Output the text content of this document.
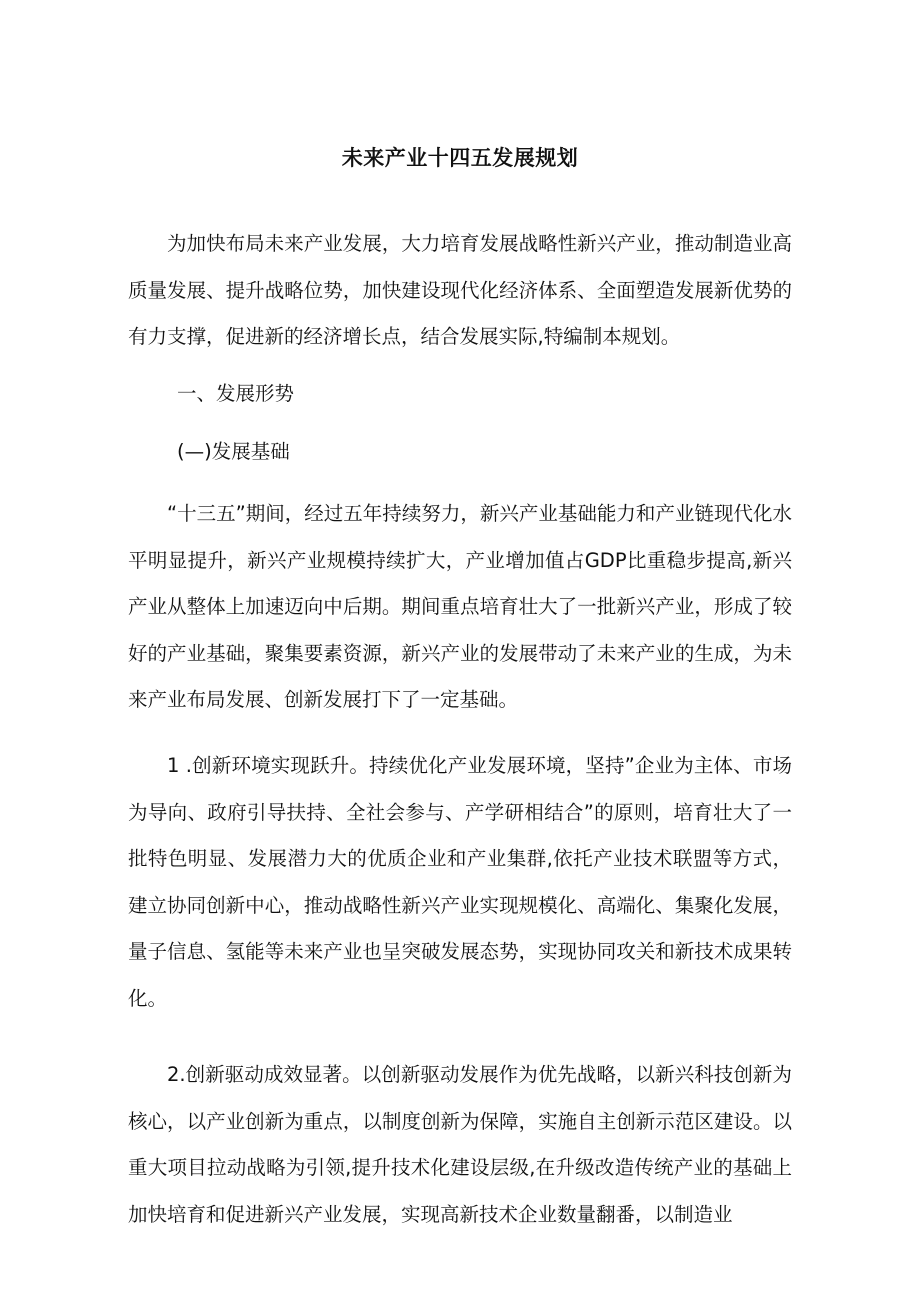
未来产业十四五发展规划

为加快布局未来产业发展，大力培育发展战略性新兴产业，推动制造业高质量发展、提升战略位势，加快建设现代化经济体系、全面塑造发展新优势的有力支撑，促进新的经济增长点，结合发展实际,特编制本规划。

一、发展形势
(—)发展基础

“十三五”期间，经过五年持续努力，新兴产业基础能力和产业链现代化水平明显提升，新兴产业规模持续扩大，产业增加值占GDP比重稳步提高,新兴产业从整体上加速迈向中后期。期间重点培育壮大了一批新兴产业，形成了较好的产业基础，聚集要素资源，新兴产业的发展带动了未来产业的生成，为未来产业布局发展、创新发展打下了一定基础。

1 .创新环境实现跃升。持续优化产业发展环境，坚持”企业为主体、市场为导向、政府引导扶持、全社会参与、产学研相结合”的原则，培育壮大了一批特色明显、发展潜力大的优质企业和产业集群,依托产业技术联盟等方式，建立协同创新中心，推动战略性新兴产业实现规模化、高端化、集聚化发展，量子信息、氢能等未来产业也呈突破发展态势，实现协同攻关和新技术成果转化。

2.创新驱动成效显著。以创新驱动发展作为优先战略，以新兴科技创新为核心，以产业创新为重点，以制度创新为保障，实施自主创新示范区建设。以重大项目拉动战略为引领,提升技术化建设层级,在升级改造传统产业的基础上加快培育和促进新兴产业发展，实现高新技术企业数量翻番，以制造业
